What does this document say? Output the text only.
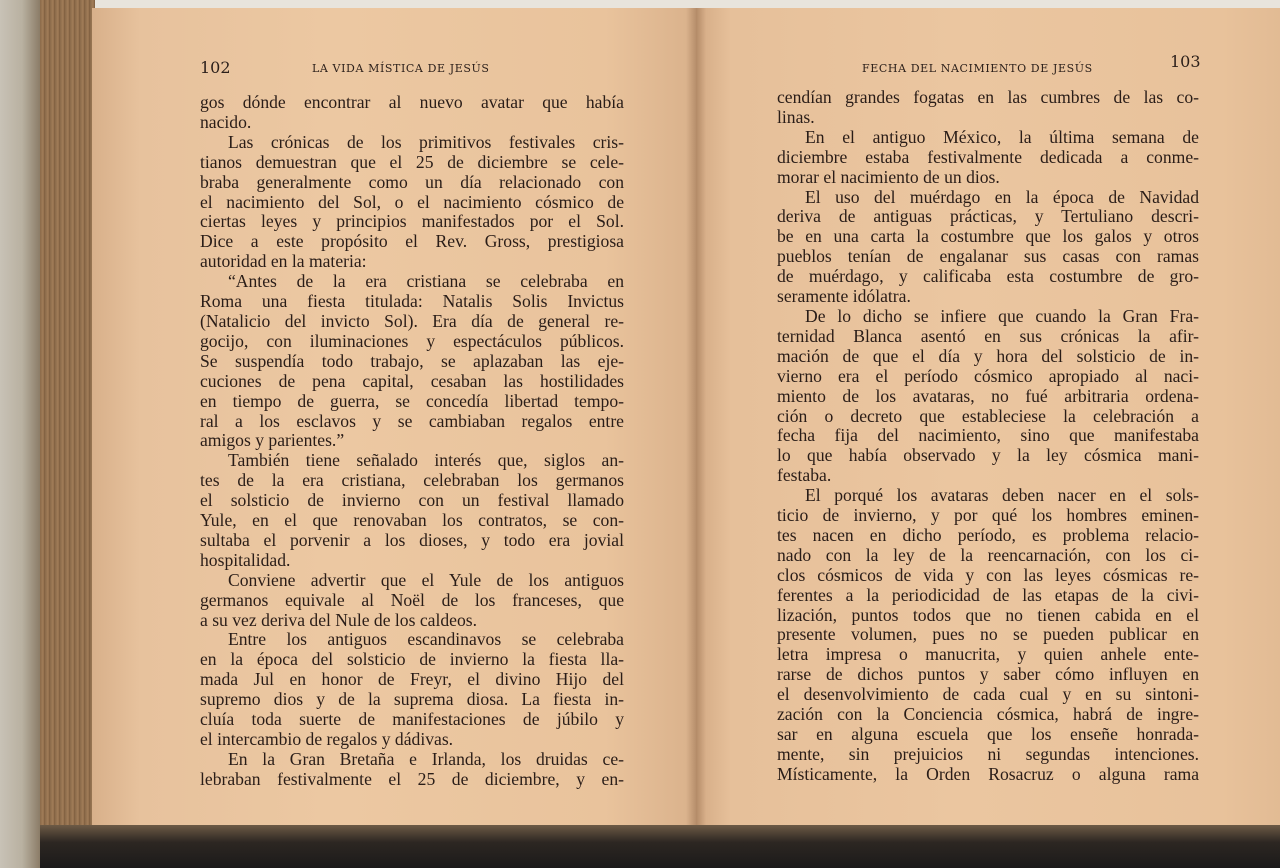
102	LA VIDA MÍSTICA DE JESÚS	FECHA DEL NACIMIENTO DE JESÚS	103
gos dónde encontrar al nuevo avatar que había
nacido.
Las crónicas de los primitivos festivales cris-
tianos demuestran que el 25 de diciembre se cele-
braba generalmente como un día relacionado con
el nacimiento del Sol, o el nacimiento cósmico de
ciertas leyes y principios manifestados por el Sol.
Dice a este propósito el Rev. Gross, prestigiosa
autoridad en la materia:
“Antes de la era cristiana se celebraba en
Roma una fiesta titulada: Natalis Solis Invictus
(Natalicio del invicto Sol). Era día de general re-
gocijo, con iluminaciones y espectáculos públicos.
Se suspendía todo trabajo, se aplazaban las eje-
cuciones de pena capital, cesaban las hostilidades
en tiempo de guerra, se concedía libertad tempo-
ral a los esclavos y se cambiaban regalos entre
amigos y parientes.”
También tiene señalado interés que, siglos an-
tes de la era cristiana, celebraban los germanos
el solsticio de invierno con un festival llamado
Yule, en el que renovaban los contratos, se con-
sultaba el porvenir a los dioses, y todo era jovial
hospitalidad.
Conviene advertir que el Yule de los antiguos
germanos equivale al Noël de los franceses, que
a su vez deriva del Nule de los caldeos.
Entre los antiguos escandinavos se celebraba
en la época del solsticio de invierno la fiesta lla-
mada Jul en honor de Freyr, el divino Hijo del
supremo dios y de la suprema diosa. La fiesta in-
cluía toda suerte de manifestaciones de júbilo y
el intercambio de regalos y dádivas.
En la Gran Bretaña e Irlanda, los druidas ce-
lebraban festivalmente el 25 de diciembre, y en-
cendían grandes fogatas en las cumbres de las co-
linas.
En el antiguo México, la última semana de
diciembre estaba festivalmente dedicada a conme-
morar el nacimiento de un dios.
El uso del muérdago en la época de Navidad
deriva de antiguas prácticas, y Tertuliano descri-
be en una carta la costumbre que los galos y otros
pueblos tenían de engalanar sus casas con ramas
de muérdago, y calificaba esta costumbre de gro-
seramente idólatra.
De lo dicho se infiere que cuando la Gran Fra-
ternidad Blanca asentó en sus crónicas la afir-
mación de que el día y hora del solsticio de in-
vierno era el período cósmico apropiado al naci-
miento de los avataras, no fué arbitraria ordena-
ción o decreto que estableciese la celebración a
fecha fija del nacimiento, sino que manifestaba
lo que había observado y la ley cósmica mani-
festaba.
El porqué los avataras deben nacer en el sols-
ticio de invierno, y por qué los hombres eminen-
tes nacen en dicho período, es problema relacio-
nado con la ley de la reencarnación, con los ci-
clos cósmicos de vida y con las leyes cósmicas re-
ferentes a la periodicidad de las etapas de la civi-
lización, puntos todos que no tienen cabida en el
presente volumen, pues no se pueden publicar en
letra impresa o manucrita, y quien anhele ente-
rarse de dichos puntos y saber cómo influyen en
el desenvolvimiento de cada cual y en su sintoni-
zación con la Conciencia cósmica, habrá de ingre-
sar en alguna escuela que los enseñe honrada-
mente, sin prejuicios ni segundas intenciones.
Místicamente, la Orden Rosacruz o alguna rama
